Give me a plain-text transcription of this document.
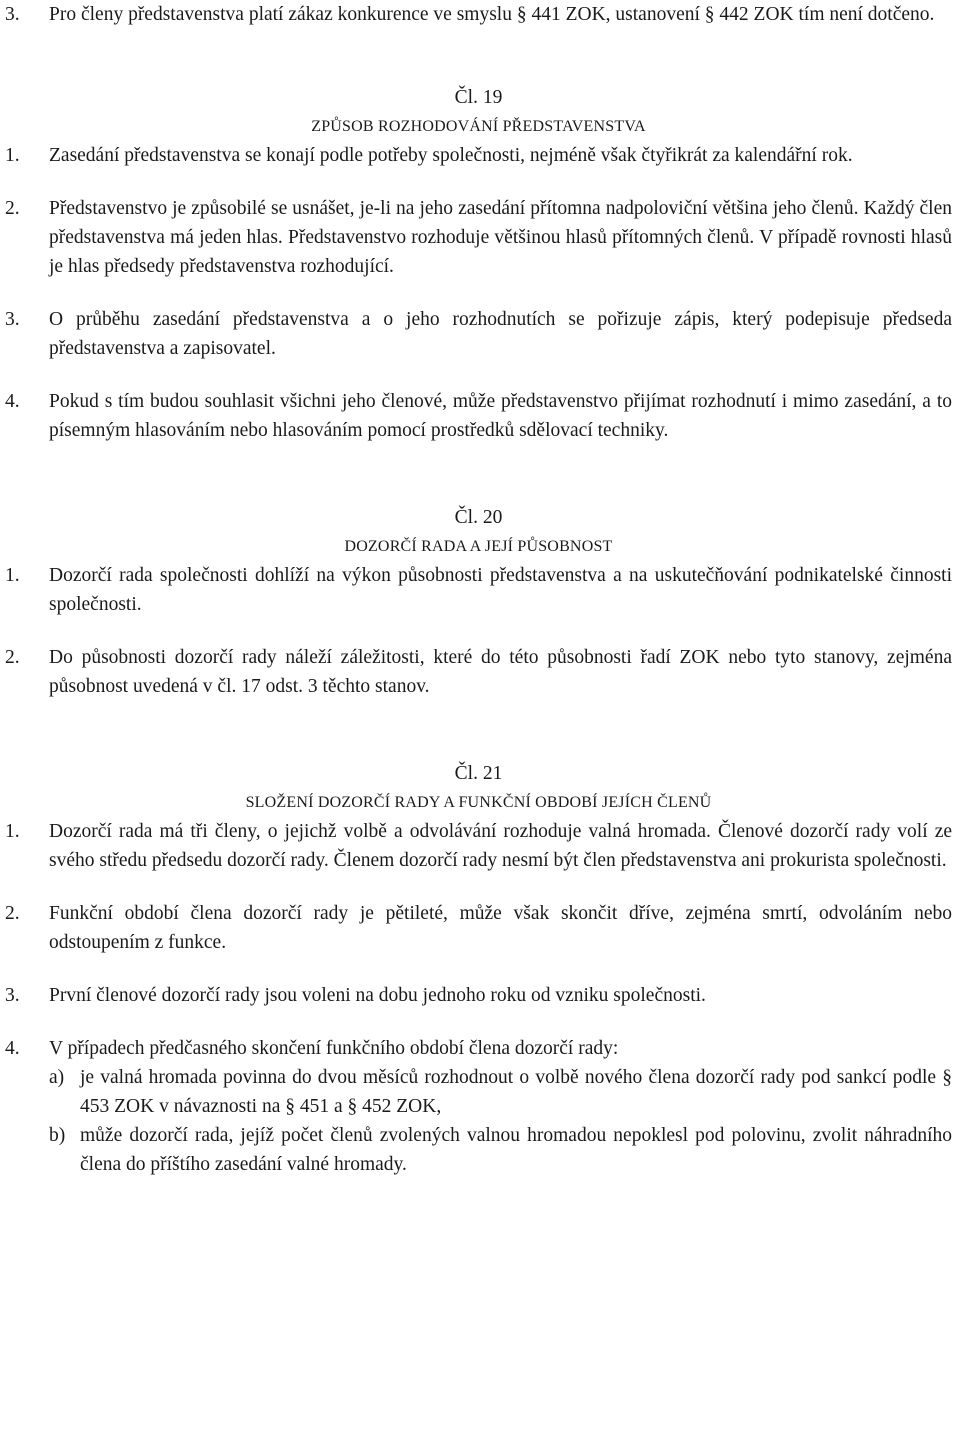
3. Pro členy představenstva platí zákaz konkurence ve smyslu § 441 ZOK, ustanovení § 442 ZOK tím není dotčeno.

Čl. 19

ZPŮSOB ROZHODOVÁNÍ PŘEDSTAVENSTVA

1. Zasedání představenstva se konají podle potřeby společnosti, nejméně však čtyřikrát za kalendářní rok.

2. Představenstvo je způsobilé se usnášet, je-li na jeho zasedání přítomna nadpoloviční většina jeho členů. Každý člen představenstva má jeden hlas. Představenstvo rozhoduje většinou hlasů přítomných členů. V případě rovnosti hlasů je hlas předsedy představenstva rozhodující.

3. O průběhu zasedání představenstva a o jeho rozhodnutích se pořizuje zápis, který podepisuje předseda představenstva a zapisovatel.

4. Pokud s tím budou souhlasit všichni jeho členové, může představenstvo přijímat rozhodnutí i mimo zasedání, a to písemným hlasováním nebo hlasováním pomocí prostředků sdělovací techniky.

Čl. 20

DOZORČÍ RADA A JEJÍ PŮSOBNOST

1. Dozorčí rada společnosti dohlíží na výkon působnosti představenstva a na uskutečňování podnikatelské činnosti společnosti.

2. Do působnosti dozorčí rady náleží záležitosti, které do této působnosti řadí ZOK nebo tyto stanovy, zejména působnost uvedená v čl. 17 odst. 3 těchto stanov.

Čl. 21

SLOŽENÍ DOZORČÍ RADY A FUNKČNÍ OBDOBÍ JEJÍCH ČLENŮ

1. Dozorčí rada má tři členy, o jejichž volbě a odvolávání rozhoduje valná hromada. Členové dozorčí rady volí ze svého středu předsedu dozorčí rady. Členem dozorčí rady nesmí být člen představenstva ani prokurista společnosti.

2. Funkční období člena dozorčí rady je pětileté, může však skončit dříve, zejména smrtí, odvoláním nebo odstoupením z funkce.

3. První členové dozorčí rady jsou voleni na dobu jednoho roku od vzniku společnosti.

4. V případech předčasného skončení funkčního období člena dozorčí rady:

a) je valná hromada povinna do dvou měsíců rozhodnout o volbě nového člena dozorčí rady pod sankcí podle § 453 ZOK v návaznosti na § 451 a § 452 ZOK,

b) může dozorčí rada, jejíž počet členů zvolených valnou hromadou nepoklesl pod polovinu, zvolit náhradního člena do příštího zasedání valné hromady.
